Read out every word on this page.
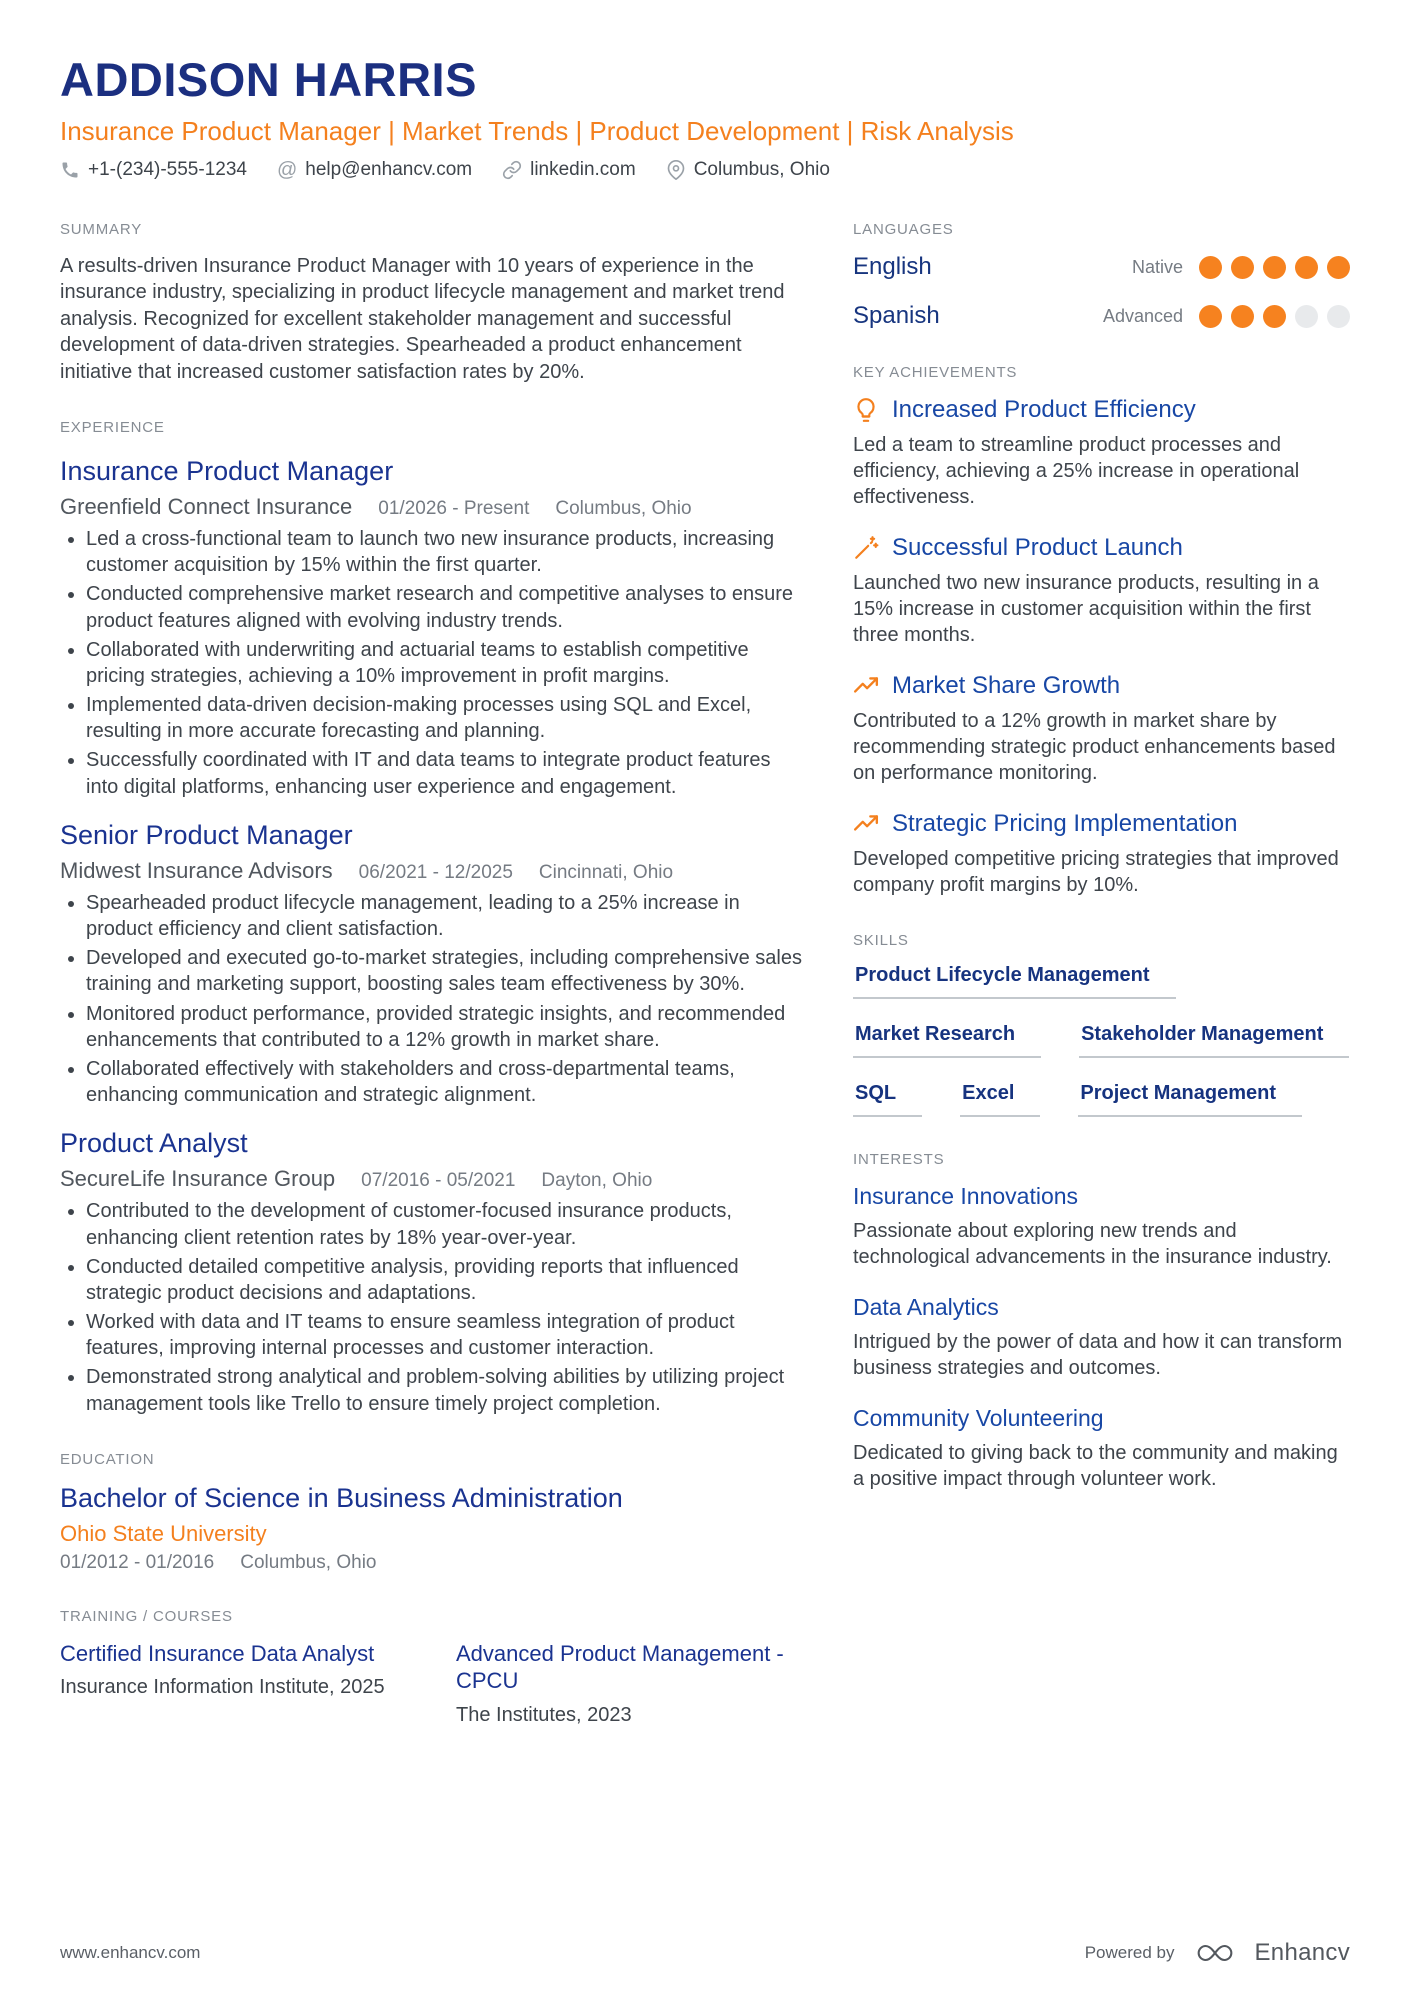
ADDISON HARRIS
Insurance Product Manager | Market Trends | Product Development | Risk Analysis
+1-(234)-555-1234 @ help@enhancv.com	linkedin.com	Columbus, Ohio
SUMMARY

A results-driven Insurance Product Manager with 10 years of experience in the insurance industry, specializing in product lifecycle management and market trend analysis. Recognized for excellent stakeholder management and successful development of data-driven strategies. Spearheaded a product enhancement initiative that increased customer satisfaction rates by 20%.

EXPERIENCE
Insurance Product Manager
Greenfield Connect Insurance 01/2026 - Present Columbus, Ohio
• Led a cross-functional team to launch two new insurance products, increasing customer acquisition by 15% within the first quarter.
• Conducted comprehensive market research and competitive analyses to ensure product features aligned with evolving industry trends.
• Collaborated with underwriting and actuarial teams to establish competitive pricing strategies, achieving a 10% improvement in profit margins.
• Implemented data-driven decision-making processes using SQL and Excel, resulting in more accurate forecasting and planning.
• Successfully coordinated with IT and data teams to integrate product features into digital platforms, enhancing user experience and engagement.
Senior Product Manager
Midwest Insurance Advisors 06/2021 - 12/2025 Cincinnati, Ohio
• Spearheaded product lifecycle management, leading to a 25% increase in product efficiency and client satisfaction.
• Developed and executed go-to-market strategies, including comprehensive sales training and marketing support, boosting sales team effectiveness by 30%.
• Monitored product performance, provided strategic insights, and recommended enhancements that contributed to a 12% growth in market share.
• Collaborated effectively with stakeholders and cross-departmental teams, enhancing communication and strategic alignment.
Product Analyst
SecureLife Insurance Group 07/2016 - 05/2021 Dayton, Ohio
• Contributed to the development of customer-focused insurance products, enhancing client retention rates by 18% year-over-year.
• Conducted detailed competitive analysis, providing reports that influenced strategic product decisions and adaptations.
• Worked with data and IT teams to ensure seamless integration of product features, improving internal processes and customer interaction.
• Demonstrated strong analytical and problem-solving abilities by utilizing project management tools like Trello to ensure timely project completion.
EDUCATION
Bachelor of Science in Business Administration
Ohio State University
01/2012 - 01/2016 Columbus, Ohio
TRAINING / COURSES
Certified Insurance Data Analyst
Insurance Information Institute, 2025
Advanced Product Management - CPCU
The Institutes, 2023
LANGUAGES
English	Native
Spanish	Advanced
KEY ACHIEVEMENTS
Increased Product Efficiency
Led a team to streamline product processes and efficiency, achieving a 25% increase in operational effectiveness.
Successful Product Launch
Launched two new insurance products, resulting in a 15% increase in customer acquisition within the first three months.
Market Share Growth
Contributed to a 12% growth in market share by recommending strategic product enhancements based on performance monitoring.
Strategic Pricing Implementation
Developed competitive pricing strategies that improved company profit margins by 10%.
SKILLS
Product Lifecycle Management
Market Research	Stakeholder Management
SQL	Excel	Project Management
INTERESTS
Insurance Innovations
Passionate about exploring new trends and technological advancements in the insurance industry.
Data Analytics
Intrigued by the power of data and how it can transform business strategies and outcomes.
Community Volunteering
Dedicated to giving back to the community and making a positive impact through volunteer work.
www.enhancv.com	Powered by	Enhancv
